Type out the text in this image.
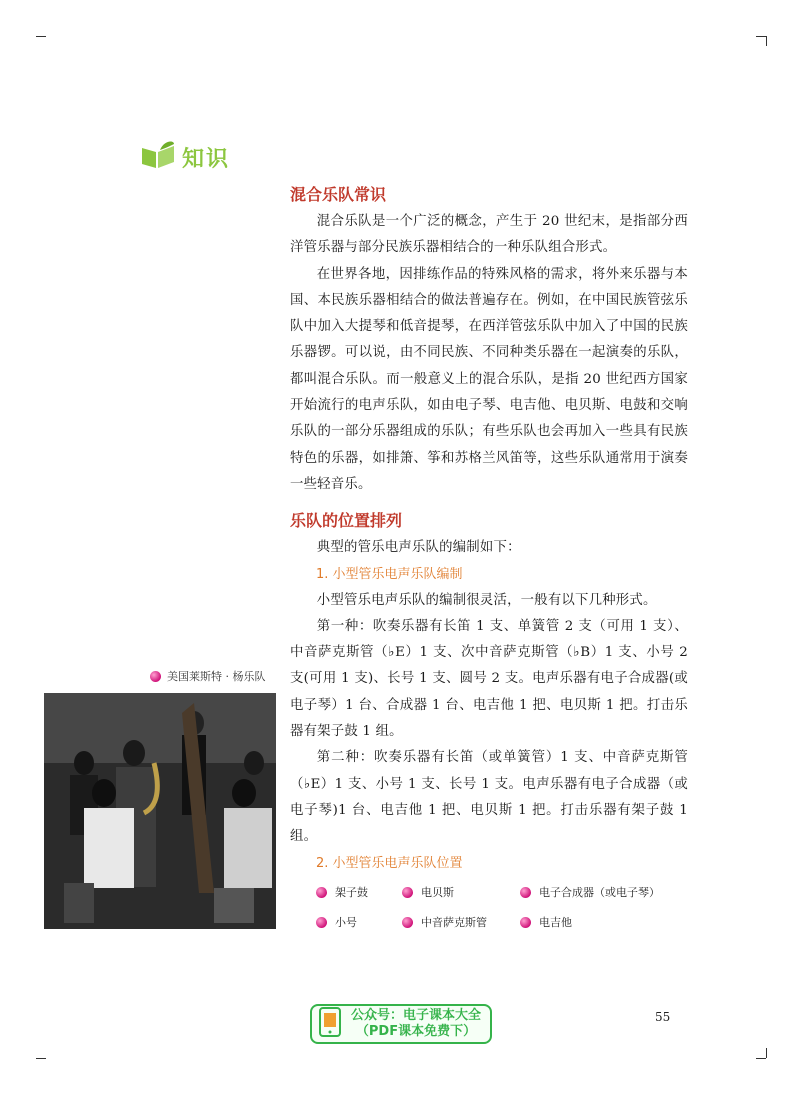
知识
混合乐队常识

混合乐队是一个广泛的概念，产生于 20 世纪末，是指部分西洋管乐器与部分民族乐器相结合的一种乐队组合形式。

在世界各地，因排练作品的特殊风格的需求，将外来乐器与本国、本民族乐器相结合的做法普遍存在。例如，在中国民族管弦乐队中加入大提琴和低音提琴，在西洋管弦乐队中加入了中国的民族乐器锣。可以说，由不同民族、不同种类乐器在一起演奏的乐队，都叫混合乐队。而一般意义上的混合乐队，是指 20 世纪西方国家开始流行的电声乐队，如由电子琴、电吉他、电贝斯、电鼓和交响乐队的一部分乐器组成的乐队；有些乐队也会再加入一些具有民族特色的乐器，如排箫、筝和苏格兰风笛等，这些乐队通常用于演奏一些轻音乐。

乐队的位置排列

典型的管乐电声乐队的编制如下：

1. 小型管乐电声乐队编制

小型管乐电声乐队的编制很灵活，一般有以下几种形式。

第一种：吹奏乐器有长笛 1 支、单簧管 2 支（可用 1 支）、中音萨克斯管（♭E）1 支、次中音萨克斯管（♭B）1 支、小号 2 支(可用 1 支)、长号 1 支、圆号 2 支。电声乐器有电子合成器(或电子琴）1 台、合成器 1 台、电吉他 1 把、电贝斯 1 把。打击乐器有架子鼓 1 组。

第二种：吹奏乐器有长笛（或单簧管）1 支、中音萨克斯管（♭E）1 支、小号 1 支、长号 1 支。电声乐器有电子合成器（或电子琴)1 台、电吉他 1 把、电贝斯 1 把。打击乐器有架子鼓 1 组。

2. 小型管乐电声乐队位置

美国莱斯特 · 杨乐队
架子鼓	电贝斯	电子合成器（或电子琴）
小号	中音萨克斯管	电吉他
公众号：电子课本大全
（PDF课本免费下）
55
